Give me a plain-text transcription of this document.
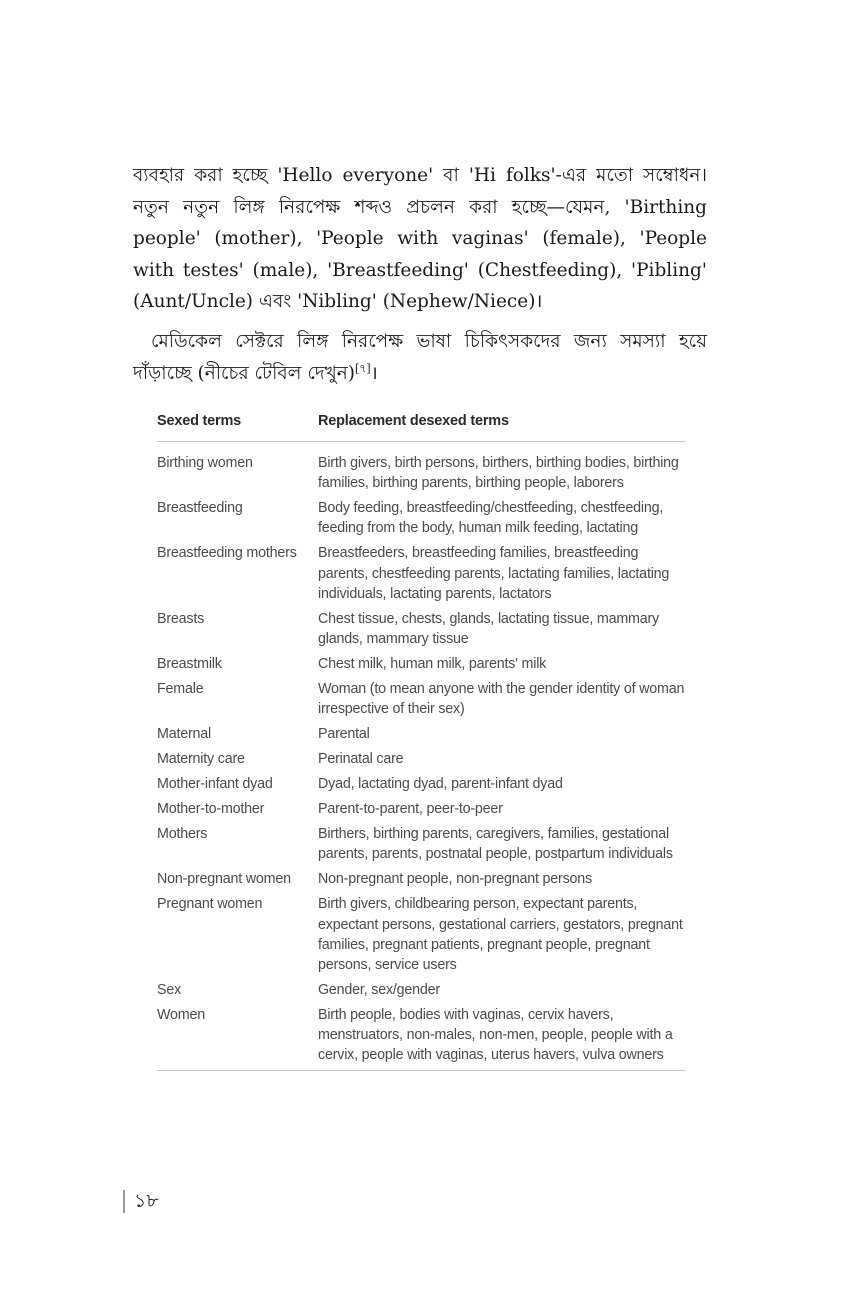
ব্যবহার করা হচ্ছে 'Hello everyone' বা 'Hi folks'-এর মতো সম্বোধন। নতুন নতুন লিঙ্গ নিরপেক্ষ শব্দও প্রচলন করা হচ্ছে—যেমন, 'Birthing people' (mother), 'People with vaginas' (female), 'People with testes' (male), 'Breastfeeding' (Chestfeeding), 'Pibling' (Aunt/Uncle) এবং 'Nibling' (Nephew/Niece)।

মেডিকেল সেক্টরে লিঙ্গ নিরপেক্ষ ভাষা চিকিৎসকদের জন্য সমস্যা হয়ে দাঁড়াচ্ছে (নীচের টেবিল দেখুন)[৭]।

Sexed terms	Replacement desexed terms
Birthing women	Birth givers, birth persons, birthers, birthing bodies, birthing families, birthing parents, birthing people, laborers
Breastfeeding	Body feeding, breastfeeding/chestfeeding, chestfeeding, feeding from the body, human milk feeding, lactating
Breastfeeding mothers	Breastfeeders, breastfeeding families, breastfeeding parents, chestfeeding parents, lactating families, lactating individuals, lactating parents, lactators
Breasts	Chest tissue, chests, glands, lactating tissue, mammary glands, mammary tissue
Breastmilk	Chest milk, human milk, parents' milk
Female	Woman (to mean anyone with the gender identity of woman irrespective of their sex)
Maternal	Parental
Maternity care	Perinatal care
Mother-infant dyad	Dyad, lactating dyad, parent-infant dyad
Mother-to-mother	Parent-to-parent, peer-to-peer
Mothers	Birthers, birthing parents, caregivers, families, gestational parents, parents, postnatal people, postpartum individuals
Non-pregnant women	Non-pregnant people, non-pregnant persons
Pregnant women	Birth givers, childbearing person, expectant parents, expectant persons, gestational carriers, gestators, pregnant families, pregnant patients, pregnant people, pregnant persons, service users
Sex	Gender, sex/gender
Women	Birth people, bodies with vaginas, cervix havers, menstruators, non-males, non-men, people, people with a cervix, people with vaginas, uterus havers, vulva owners
১৮
